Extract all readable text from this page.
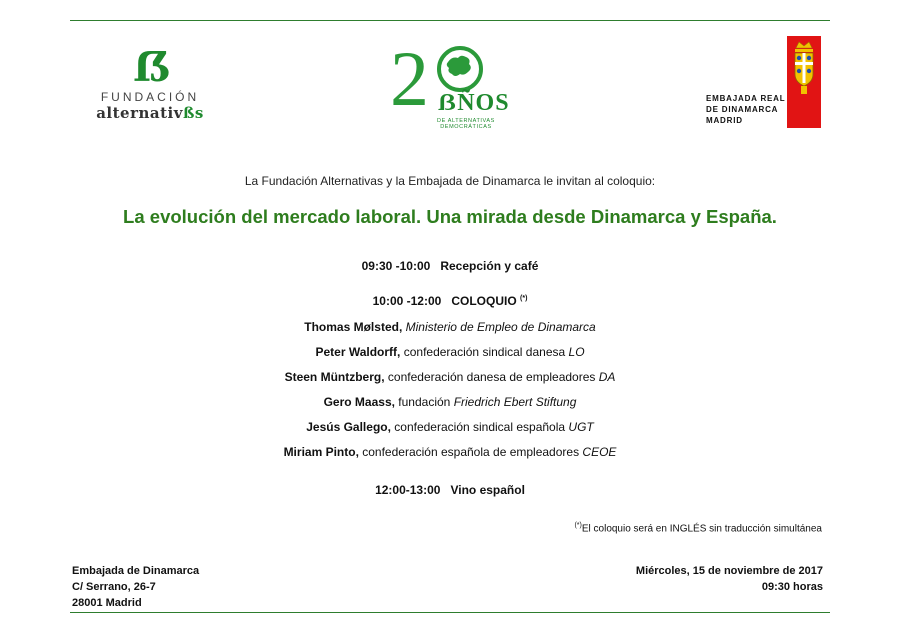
ẞ
FUNDACIÓN
alternativßs 2 ẞÑOS
DE ALTERNATIVAS
DEMOCRÁTICAS
EMBAJADA REAL
DE DINAMARCA
MADRID
La Fundación Alternativas y la Embajada de Dinamarca le invitan al coloquio:
La evolución del mercado laboral. Una mirada desde Dinamarca y España.
09:30 -10:00 Recepción y café
10:00 -12:00 COLOQUIO (*)
Thomas Mølsted, Ministerio de Empleo de Dinamarca
Peter Waldorff, confederación sindical danesa LO
Steen Müntzberg, confederación danesa de empleadores DA
Gero Maass, fundación Friedrich Ebert Stiftung
Jesús Gallego, confederación sindical española UGT
Miriam Pinto, confederación española de empleadores CEOE
12:00-13:00 Vino español
(*)El coloquio será en INGLÉS sin traducción simultánea
Embajada de Dinamarca
C/ Serrano, 26-7
28001 Madrid
Miércoles, 15 de noviembre de 2017
09:30 horas
